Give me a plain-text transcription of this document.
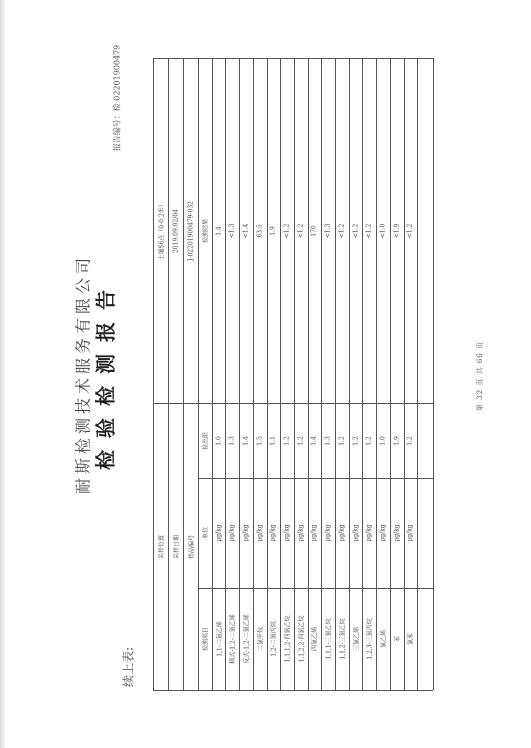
耐斯检测技术服务有限公司 检验检测报告
续上表:
报告编号：检 02201900479
第 32 页 共 66 页
采样位置
土壤S6点（0-0.2米）
采样日期
2019.09.02/04
样品编号
J-02201900479-032
检测项目
单位
检出限
检测结果
1,1-二氯乙烯
μg/kg
1.0
1.4
顺式-1,2-二氯乙烯
μg/kg
1.3
<1.3
反式-1,2-二氯乙烯
μg/kg
1.4
<1.4
二氯甲烷
μg/kg
1.5
63.5
1,2-二氯丙烷
μg/kg
1.1
1.9
1,1,1,2-四氯乙烷
μg/kg
1.2
<1.2
1,1,2,2-四氯乙烷
μg/kg
1.2
<1.2
四氯乙烯
μg/kg
1.4
170
1,1,1-三氯乙烷
μg/kg
1.3
<1.3
1,1,2-三氯乙烷
μg/kg
1.2
<1.2
三氯乙烯
μg/kg
1.2
<1.2
1,2,3-三氯丙烷
μg/kg
1.2
<1.2
氯乙烯
μg/kg
1.0
<1.0
苯
μg/kg
1.9
<1.9
氯苯
μg/kg
1.2
<1.2
